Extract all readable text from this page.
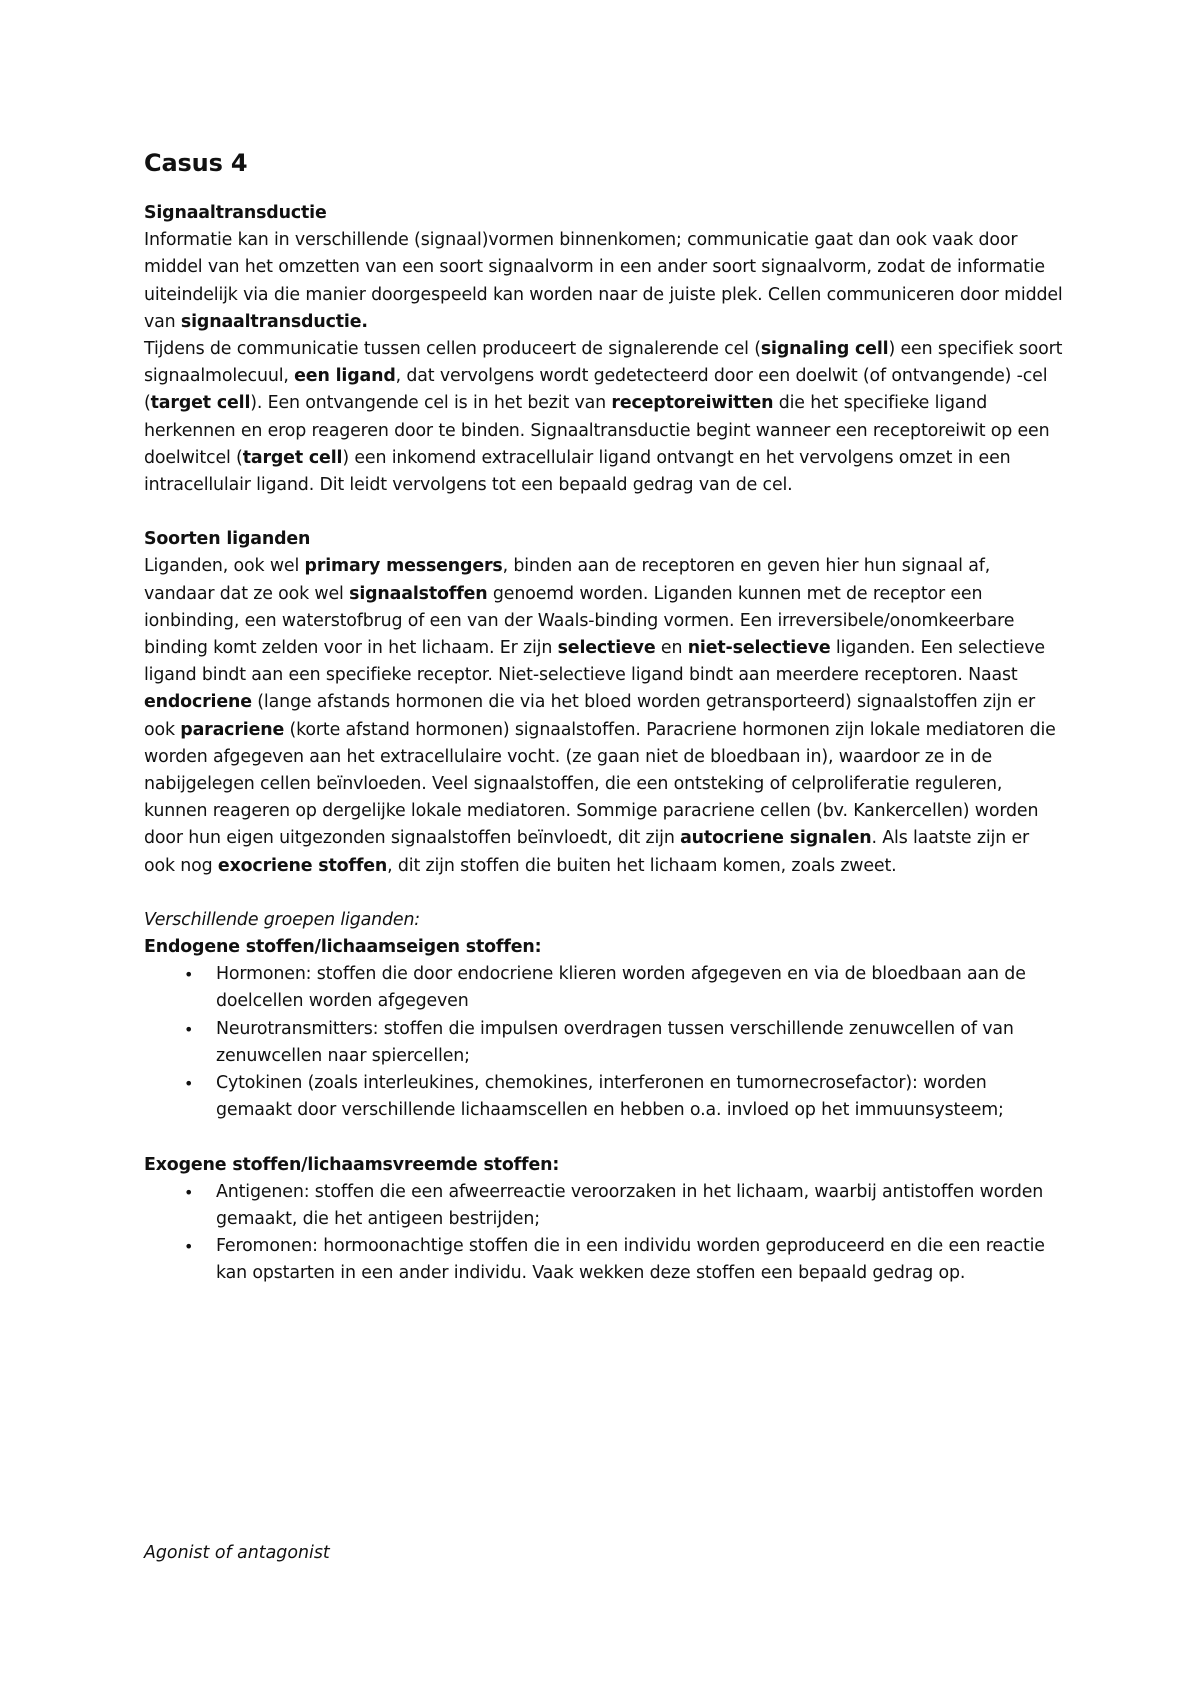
Casus 4
Signaaltransductie

Informatie kan in verschillende (signaal)vormen binnenkomen; communicatie gaat dan ook vaak door middel van het omzetten van een soort signaalvorm in een ander soort signaalvorm, zodat de informatie uiteindelijk via die manier doorgespeeld kan worden naar de juiste plek. Cellen communiceren door middel van signaaltransductie.

Tijdens de communicatie tussen cellen produceert de signalerende cel (signaling cell) een specifiek soort signaalmolecuul, een ligand, dat vervolgens wordt gedetecteerd door een doelwit (of ontvangende) -cel (target cell). Een ontvangende cel is in het bezit van receptoreiwitten die het specifieke ligand herkennen en erop reageren door te binden. Signaaltransductie begint wanneer een receptoreiwit op een doelwitcel (target cell) een inkomend extracellulair ligand ontvangt en het vervolgens omzet in een intracellulair ligand. Dit leidt vervolgens tot een bepaald gedrag van de cel.

Soorten liganden

Liganden, ook wel primary messengers, binden aan de receptoren en geven hier hun signaal af, vandaar dat ze ook wel signaalstoffen genoemd worden. Liganden kunnen met de receptor een ionbinding, een waterstofbrug of een van der Waals-binding vormen. Een irreversibele/onomkeerbare binding komt zelden voor in het lichaam. Er zijn selectieve en niet-selectieve liganden. Een selectieve ligand bindt aan een specifieke receptor. Niet-selectieve ligand bindt aan meerdere receptoren. Naast endocriene (lange afstands hormonen die via het bloed worden getransporteerd) signaalstoffen zijn er ook paracriene (korte afstand hormonen) signaalstoffen. Paracriene hormonen zijn lokale mediatoren die worden afgegeven aan het extracellulaire vocht. (ze gaan niet de bloedbaan in), waardoor ze in de nabijgelegen cellen beïnvloeden. Veel signaalstoffen, die een ontsteking of celproliferatie reguleren, kunnen reageren op dergelijke lokale mediatoren. Sommige paracriene cellen (bv. Kankercellen) worden door hun eigen uitgezonden signaalstoffen beïnvloedt, dit zijn autocriene signalen. Als laatste zijn er ook nog exocriene stoffen, dit zijn stoffen die buiten het lichaam komen, zoals zweet.

Verschillende groepen liganden:
Endogene stoffen/lichaamseigen stoffen:
• Hormonen: stoffen die door endocriene klieren worden afgegeven en via de bloedbaan aan de doelcellen worden afgegeven
• Neurotransmitters: stoffen die impulsen overdragen tussen verschillende zenuwcellen of van zenuwcellen naar spiercellen;
• Cytokinen (zoals interleukines, chemokines, interferonen en tumornecrosefactor): worden gemaakt door verschillende lichaamscellen en hebben o.a. invloed op het immuunsysteem;
Exogene stoffen/lichaamsvreemde stoffen:
• Antigenen: stoffen die een afweerreactie veroorzaken in het lichaam, waarbij antistoffen worden gemaakt, die het antigeen bestrijden;
• Feromonen: hormoonachtige stoffen die in een individu worden geproduceerd en die een reactie kan opstarten in een ander individu. Vaak wekken deze stoffen een bepaald gedrag op.
Agonist of antagonist
